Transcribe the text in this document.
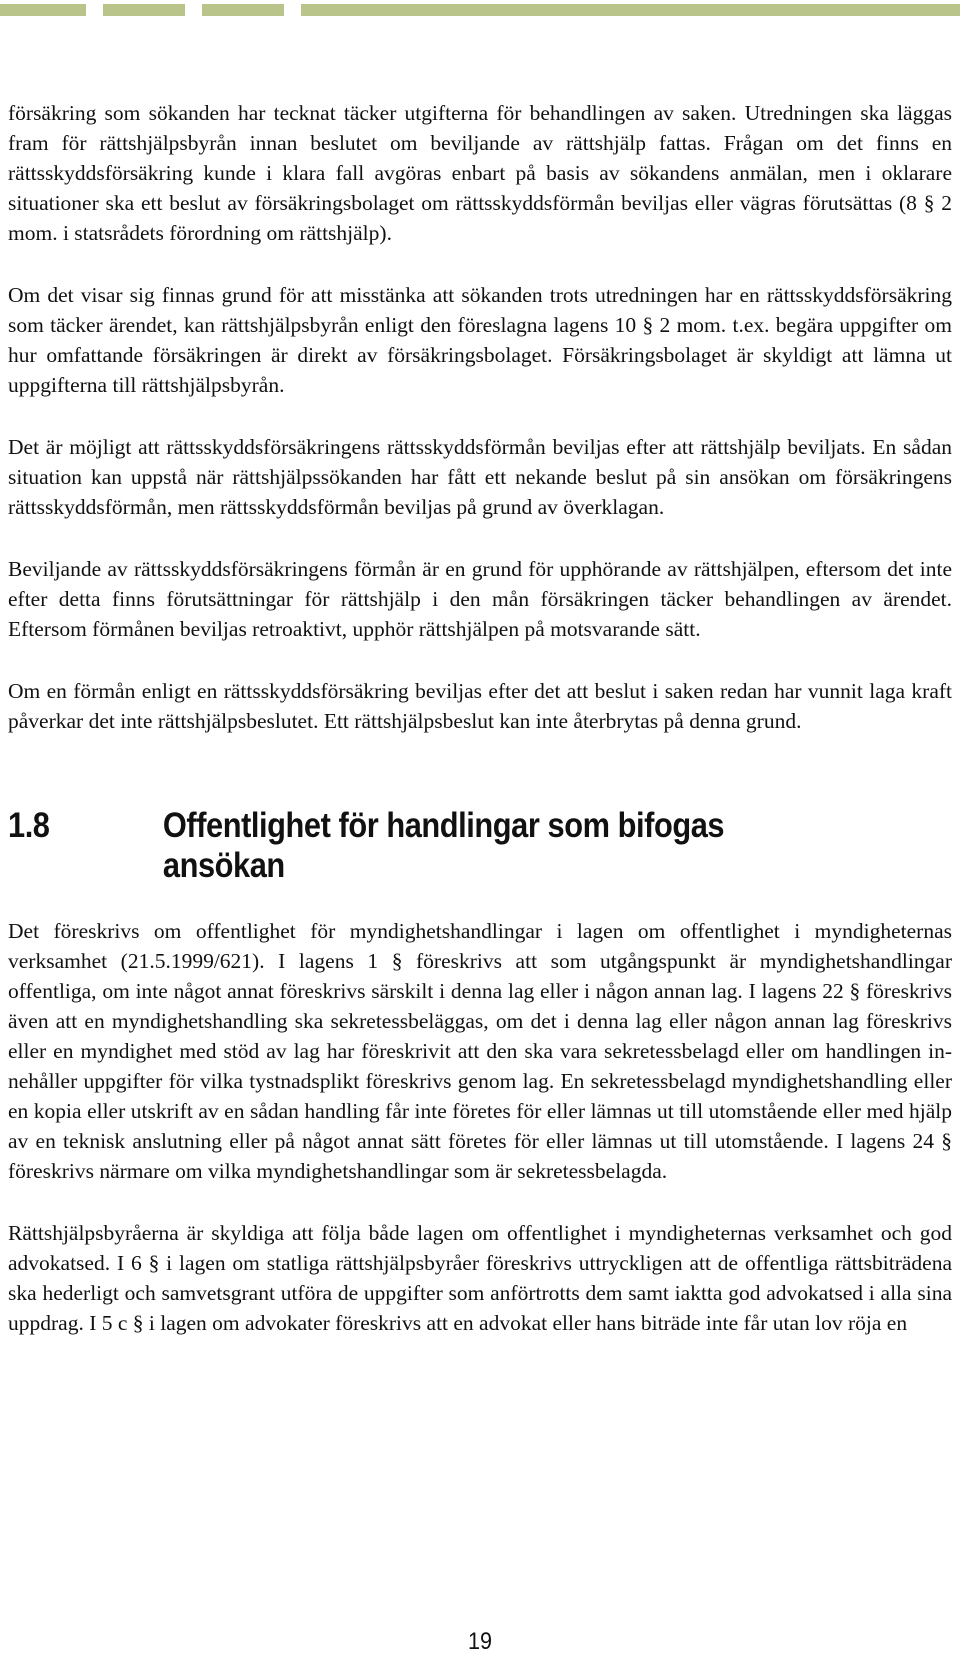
försäkring som sökanden har tecknat täcker utgifterna för behandlingen av saken. Utredningen ska läggas fram för rättshjälpsbyrån innan beslutet om beviljande av rättshjälp fattas. Frågan om det finns en rättsskyddsförsäkring kunde i klara fall avgöras enbart på basis av sökandens anmälan, men i oklarare situationer ska ett beslut av försäkringsbolaget om rättsskyddsförmån beviljas eller vägras förutsättas (8 § 2 mom. i statsrådets förordning om rättshjälp).

Om det visar sig finnas grund för att misstänka att sökanden trots utredningen har en rättsskyddsförsäkring som täcker ärendet, kan rättshjälpsbyrån enligt den föreslagna lagens 10 § 2 mom. t.ex. begära uppgifter om hur omfattande försäkringen är direkt av försäkringsbolaget. Försäkringsbolaget är skyldigt att lämna ut uppgifterna till rättshjälpsbyrån.

Det är möjligt att rättsskyddsförsäkringens rättsskyddsförmån beviljas efter att rättshjälp beviljats. En sådan situation kan uppstå när rättshjälpssökanden har fått ett nekande beslut på sin ansökan om försäkringens rättsskyddsförmån, men rättsskyddsförmån beviljas på grund av överklagan.

Beviljande av rättsskyddsförsäkringens förmån är en grund för upphörande av rättshjälpen, eftersom det inte efter detta finns förutsättningar för rättshjälp i den mån försäkringen täcker behandlingen av ärendet. Eftersom förmånen beviljas retroaktivt, upphör rättshjälpen på motsvarande sätt.

Om en förmån enligt en rättsskyddsförsäkring beviljas efter det att beslut i saken redan har vunnit laga kraft påverkar det inte rättshjälpsbeslutet. Ett rättshjälpsbeslut kan inte återbrytas på denna grund.

1.8	Offentlighet för handlingar som bifogas ansökan

Det föreskrivs om offentlighet för myndighetshandlingar i lagen om offentlighet i myndigheternas verksamhet (21.5.1999/621). I lagens 1 § föreskrivs att som utgångspunkt är myndighetshandlingar offentliga, om inte något annat föreskrivs särskilt i denna lag eller i någon annan lag. I lagens 22 § föreskrivs även att en myndighetshandling ska sekretessbeläggas, om det i denna lag eller någon annan lag föreskrivs eller en myndighet med stöd av lag har föreskrivit att den ska vara sekretessbelagd eller om handlingen innehåller uppgifter för vilka tystnadsplikt föreskrivs genom lag. En sekretessbelagd myndighetshandling eller en kopia eller utskrift av en sådan handling får inte företes för eller lämnas ut till utomstående eller med hjälp av en teknisk anslutning eller på något annat sätt företes för eller lämnas ut till utomstående. I lagens 24 § föreskrivs närmare om vilka myndighetshandlingar som är sekretessbelagda.

Rättshjälpsbyråerna är skyldiga att följa både lagen om offentlighet i myndigheternas verksamhet och god advokatsed. I 6 § i lagen om statliga rättshjälpsbyråer föreskrivs uttryckligen att de offentliga rättsbiträdena ska hederligt och samvetsgrant utföra de uppgifter som anförtrotts dem samt iaktta god advokatsed i alla sina uppdrag. I 5 c § i lagen om advokater föreskrivs att en advokat eller hans biträde inte får utan lov röja en

19
